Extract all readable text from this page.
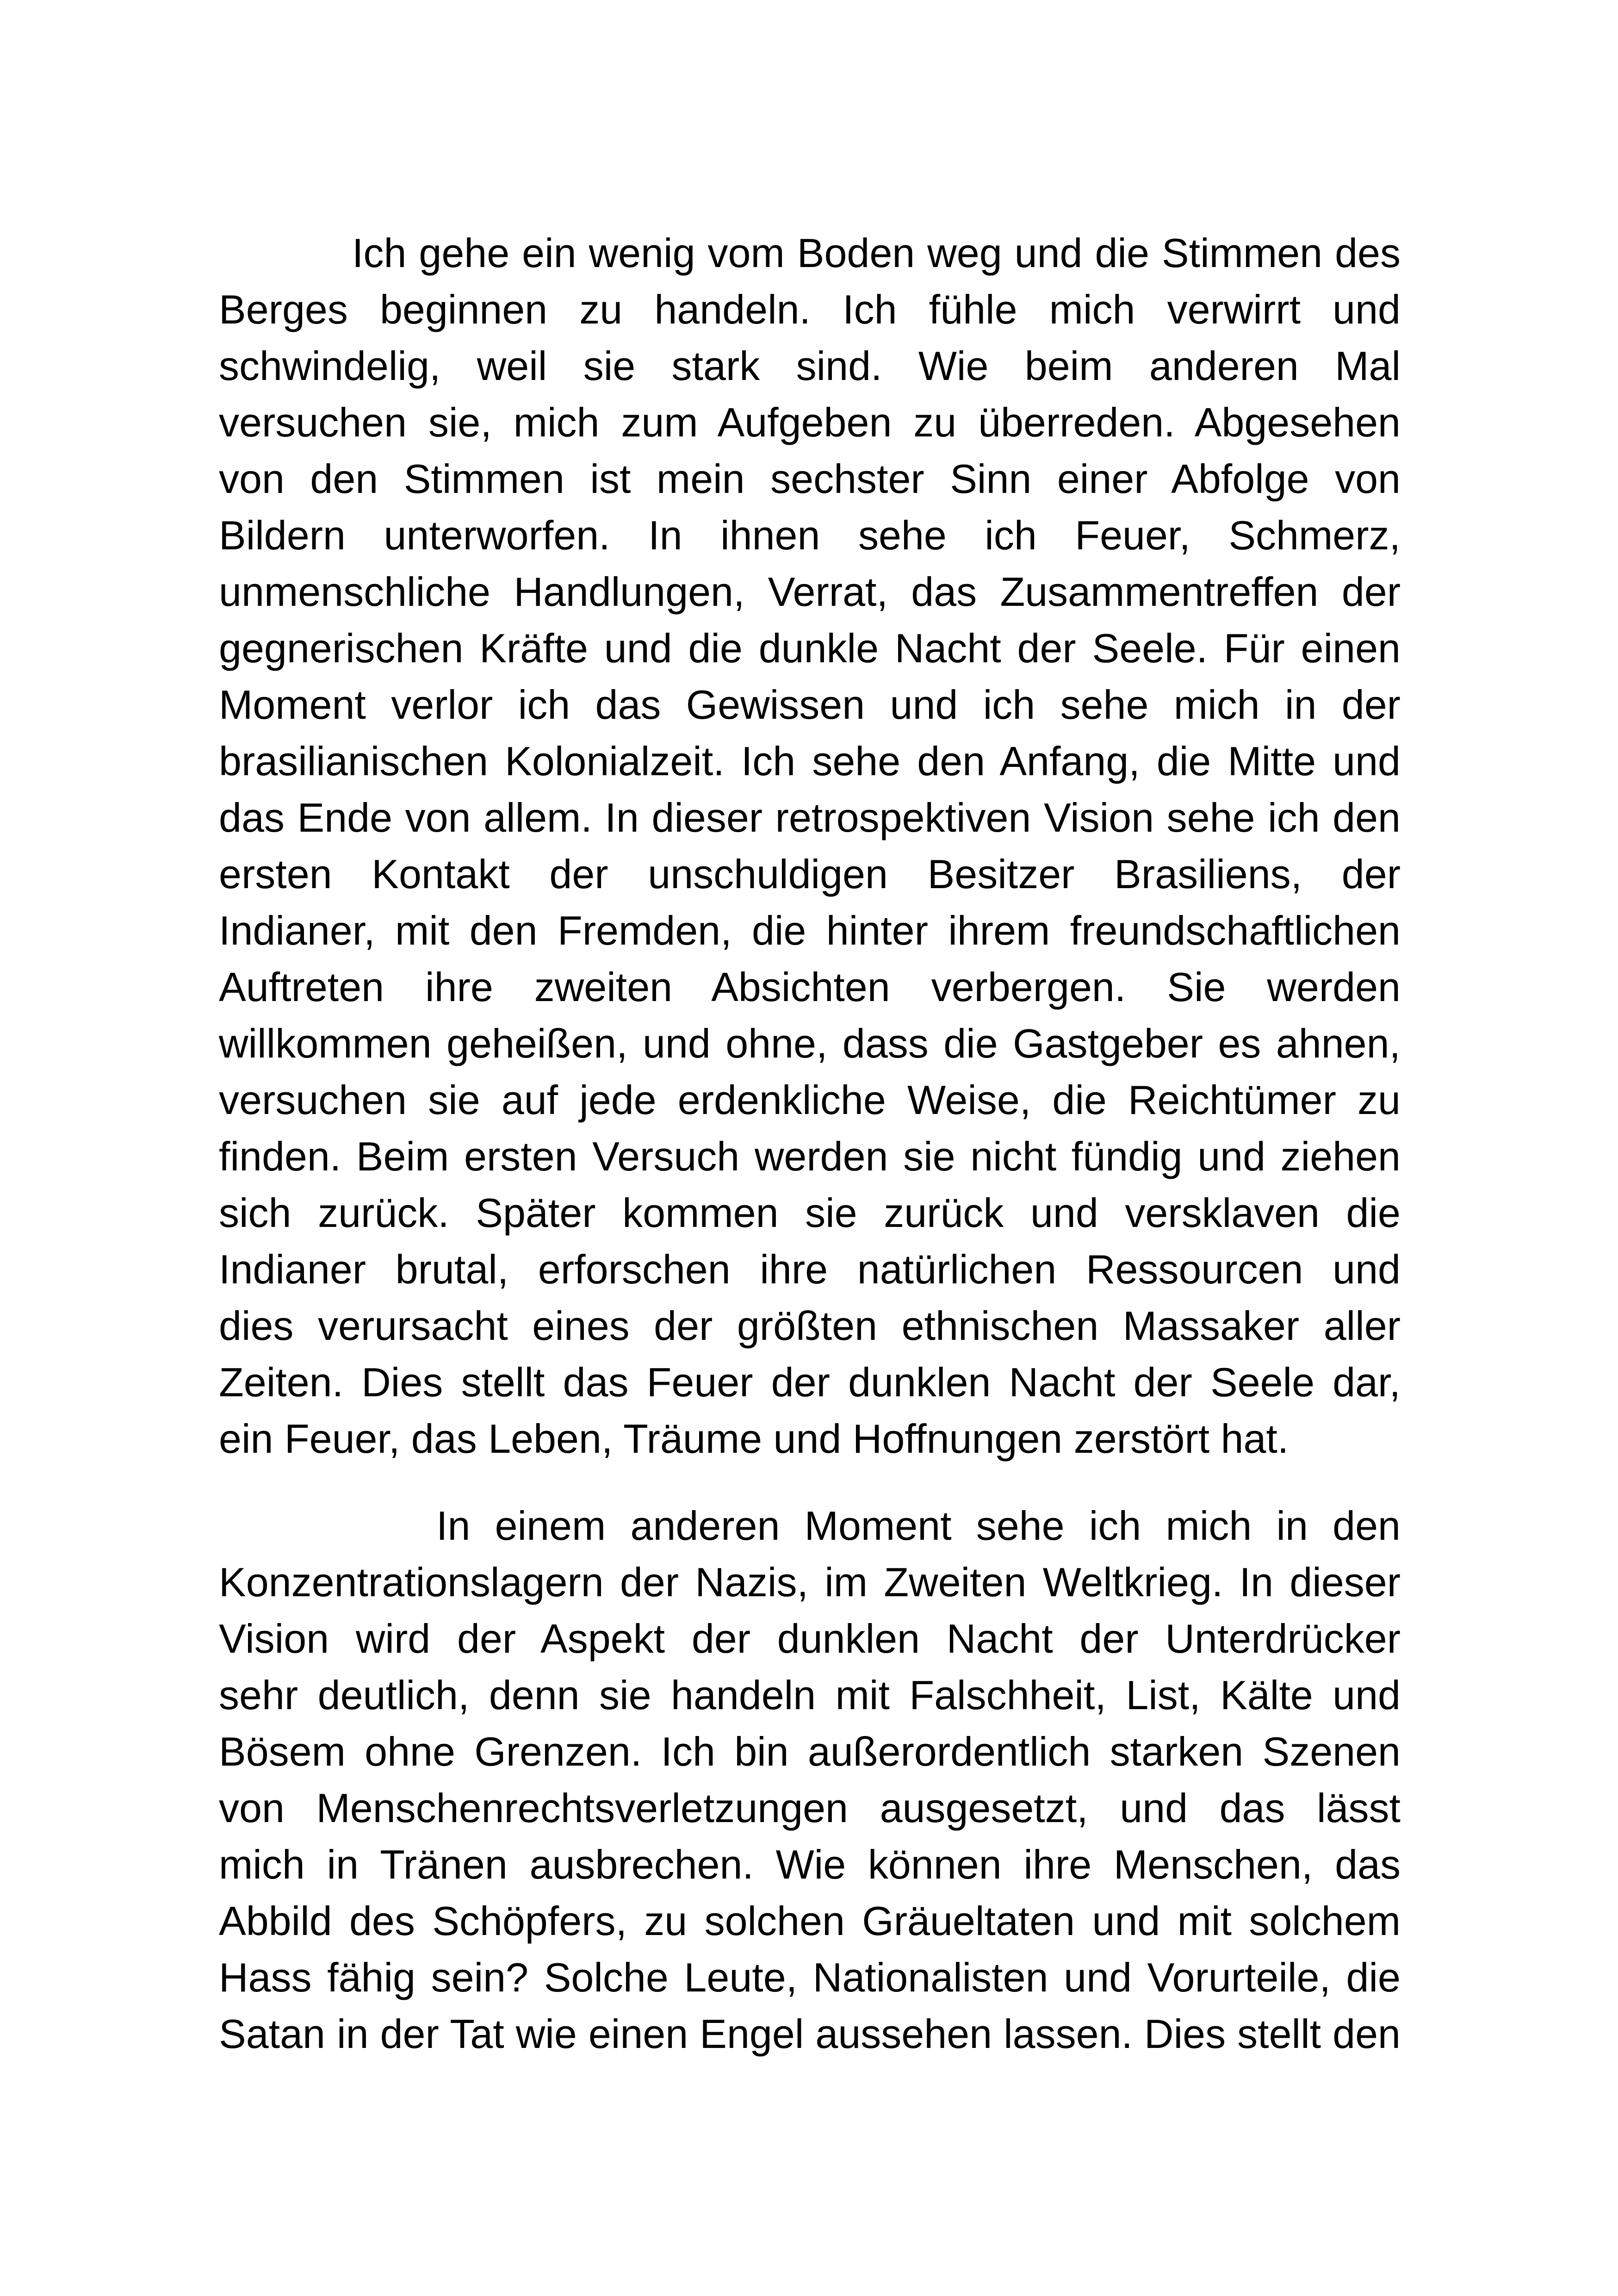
Ich gehe ein wenig vom Boden weg und die Stimmen des
Berges beginnen zu handeln. Ich fühle mich verwirrt und
schwindelig, weil sie stark sind. Wie beim anderen Mal
versuchen sie, mich zum Aufgeben zu überreden. Abgesehen
von den Stimmen ist mein sechster Sinn einer Abfolge von
Bildern unterworfen. In ihnen sehe ich Feuer, Schmerz,
unmenschliche Handlungen, Verrat, das Zusammentreffen der
gegnerischen Kräfte und die dunkle Nacht der Seele. Für einen
Moment verlor ich das Gewissen und ich sehe mich in der
brasilianischen Kolonialzeit. Ich sehe den Anfang, die Mitte und
das Ende von allem. In dieser retrospektiven Vision sehe ich den
ersten Kontakt der unschuldigen Besitzer Brasiliens, der
Indianer, mit den Fremden, die hinter ihrem freundschaftlichen
Auftreten ihre zweiten Absichten verbergen. Sie werden
willkommen geheißen, und ohne, dass die Gastgeber es ahnen,
versuchen sie auf jede erdenkliche Weise, die Reichtümer zu
finden. Beim ersten Versuch werden sie nicht fündig und ziehen
sich zurück. Später kommen sie zurück und versklaven die
Indianer brutal, erforschen ihre natürlichen Ressourcen und
dies verursacht eines der größten ethnischen Massaker aller
Zeiten. Dies stellt das Feuer der dunklen Nacht der Seele dar,
ein Feuer, das Leben, Träume und Hoffnungen zerstört hat.
In einem anderen Moment sehe ich mich in den
Konzentrationslagern der Nazis, im Zweiten Weltkrieg. In dieser
Vision wird der Aspekt der dunklen Nacht der Unterdrücker
sehr deutlich, denn sie handeln mit Falschheit, List, Kälte und
Bösem ohne Grenzen. Ich bin außerordentlich starken Szenen
von Menschenrechtsverletzungen ausgesetzt, und das lässt
mich in Tränen ausbrechen. Wie können ihre Menschen, das
Abbild des Schöpfers, zu solchen Gräueltaten und mit solchem
Hass fähig sein? Solche Leute, Nationalisten und Vorurteile, die
Satan in der Tat wie einen Engel aussehen lassen. Dies stellt den
